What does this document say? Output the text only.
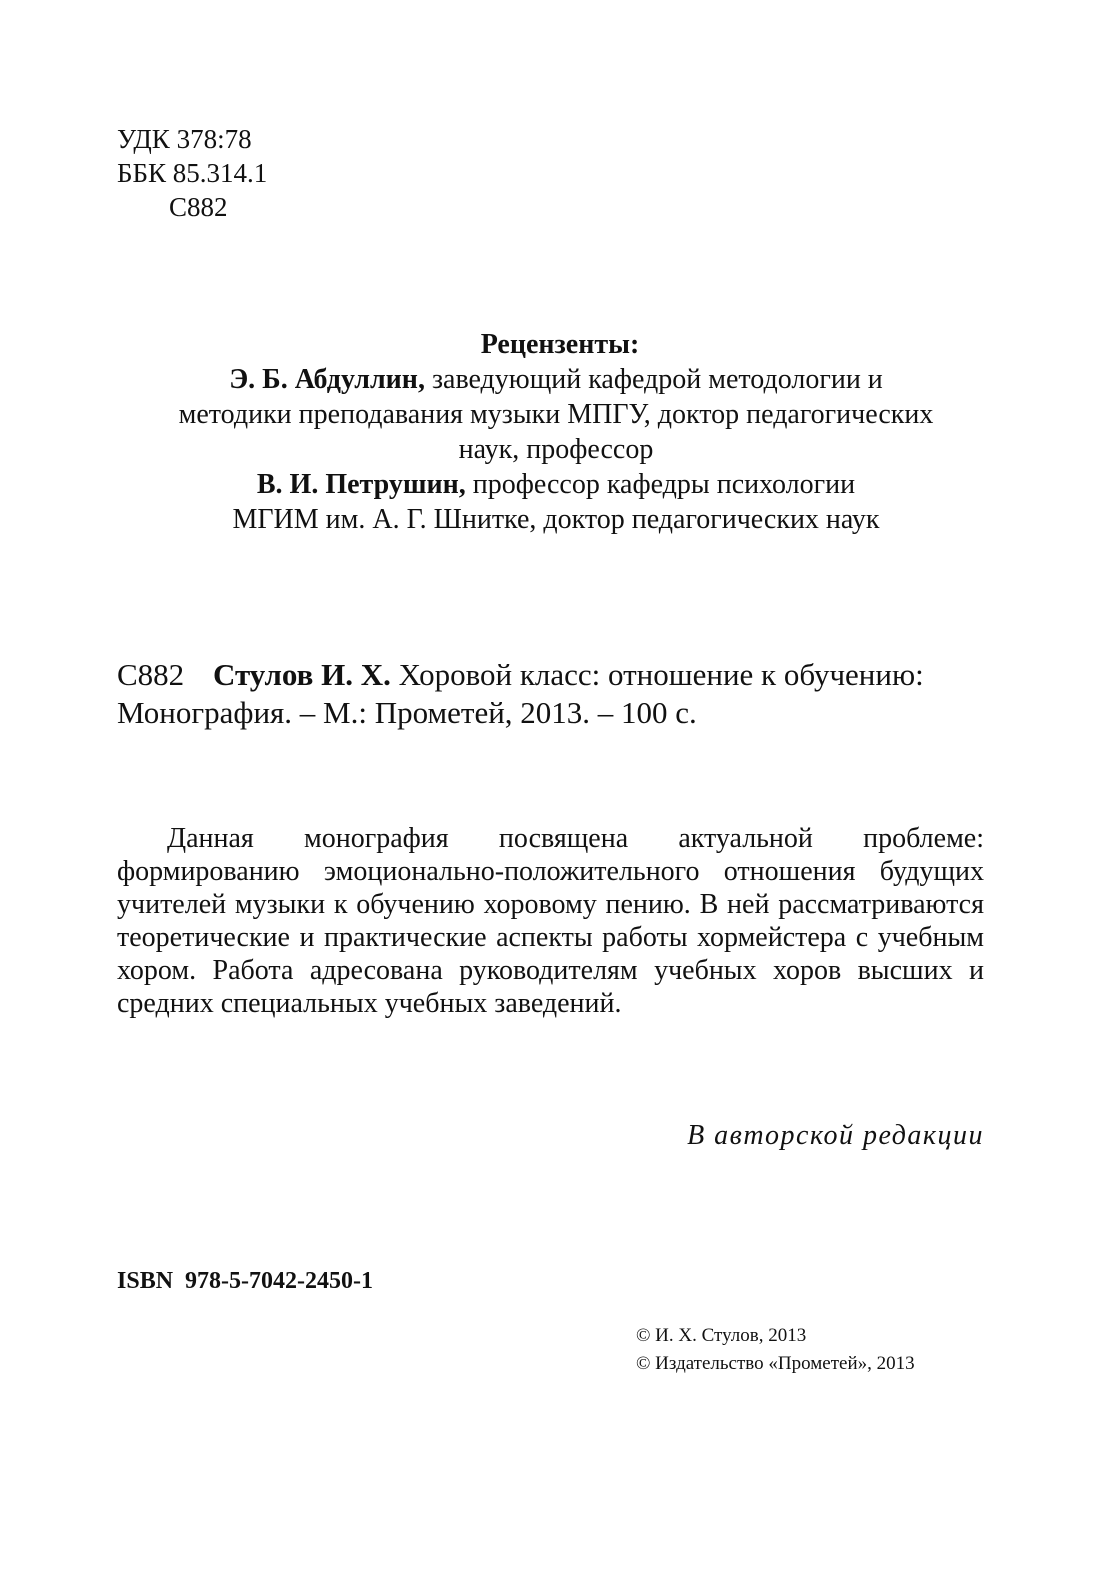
УДК 378:78
ББК 85.314.1
С882
Рецензенты:
Э. Б. Абдуллин, заведующий кафедрой методологии и
методики преподавания музыки МПГУ, доктор педагогических
наук, профессор
В. И. Петрушин, профессор кафедры психологии
МГИМ им. А. Г. Шнитке, доктор педагогических наук
С882 Стулов И. Х. Хоровой класс: отношение к обучению:
Монография. – М.: Прометей, 2013. – 100 с.
Данная монография посвящена актуальной проблеме: формированию эмоционально-положительного отношения будущих учителей музыки к обучению хоровому пению. В ней рассматриваются теоретические и практические аспекты работы хормейстера с учебным хором. Работа адресована руководителям учебных хоров высших и средних специальных учебных заведений.
В авторской редакции
ISBN 978-5-7042-2450-1
© И. Х. Стулов, 2013
© Издательство «Прометей», 2013
